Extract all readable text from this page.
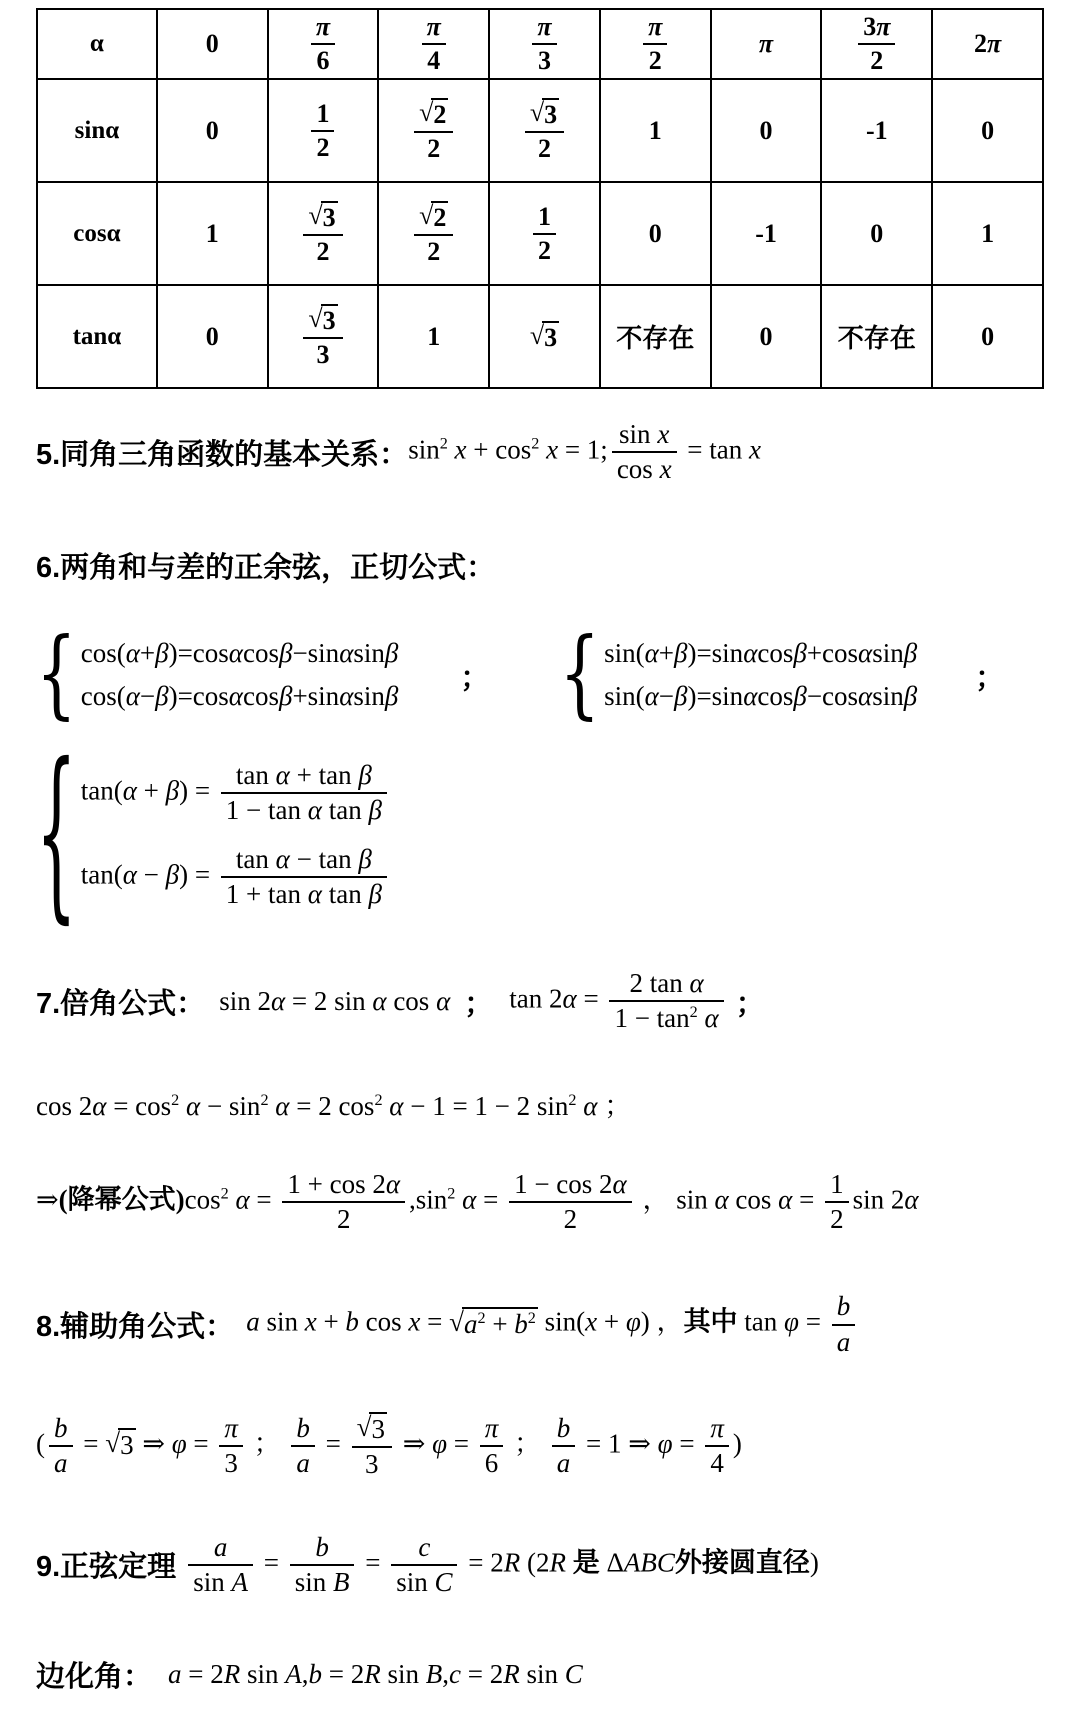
α	0	$\frac{\pi}{6}$	$\frac{\pi}{4}$	$\frac{\pi}{3}$	$\frac{\pi}{2}$	π	$\frac{3\pi}{2}$	2π
sinα	0	$\frac{1}{2}$	$\frac{√ 2}{2}$	$\frac{√ 3}{2}$	1	0	-1	0
cosα	1	$\frac{√ 3}{2}$	$\frac{√ 2}{2}$	$\frac{1}{2}$	0	-1	0	1
tanα	0	$\frac{√ 3}{3}$	1	√ 3	不存在	0	不存在	0
5.同角三角函数的基本关系： $\sin^2 x + \cos^2 x = 1$; $\frac{\text{sin x}}{\text{cos x}} = \tan x$
6.两角和与差的正余弦，正切公式：
{ cos(α+β)=cosαcosβ−sinαsinβ
cos(α−β)=cosαcosβ+sinαsinβ
； { sin(α+β)=sinαcosβ+cosαsinβ
sin(α−β)=sinαcosβ−cosαsinβ
；
{ $\tan(\alpha + \beta) = \frac{\text{tan α + tan β}}{\text{1 − tan α tan β}}$
$\tan(\alpha - \beta) = \frac{\text{tan α − tan β}}{\text{1 + tan α tan β}}$
7.倍角公式： sin 2α = 2 sin α cos α ； $\tan 2\alpha = \frac{\text{2 tan α}}{1 - \tan^2 \alpha}$ ；
$\cos 2\alpha = \cos^2 \alpha - \sin^2 \alpha = 2$ $\cos^2 \alpha - 1 = 1 - 2$ $\sin^2 \alpha$ ；
⇒(降幂公式)$\cos^2$ $\alpha = \frac{1 + \cos 2\alpha}{2} ,\sin^2$ $\alpha = \frac{1 - \cos 2\alpha}{2}$ ， sin α $\cos \alpha = \frac{1}{2}$ sin 2α
8.辅助角公式： a sin x + b cos x = √ $a^2 + b^2$ sin(x + φ) ，其中 $\tan \varphi = \frac{b}{a}$
( $\frac{b}{a}$ = √ 3 ⇒ $\varphi = \frac{\pi}{3}$ ； $\frac{b}{a} = \frac{√ 3}{3}$ ⇒ $\varphi = \frac{\pi}{6}$ ； $\frac{b}{a} = 1$ ⇒ $\varphi = \frac{\pi}{4}$ )
9.正弦定理 $\frac{a}{\text{sin A}} = \frac{b}{\text{sin B}} = \frac{c}{\text{sin C}} = 2R$ (2R 是 ΔABC外接圆直径)
边化角： a = 2R sin A,b = 2R sin B,c = 2R sin C
